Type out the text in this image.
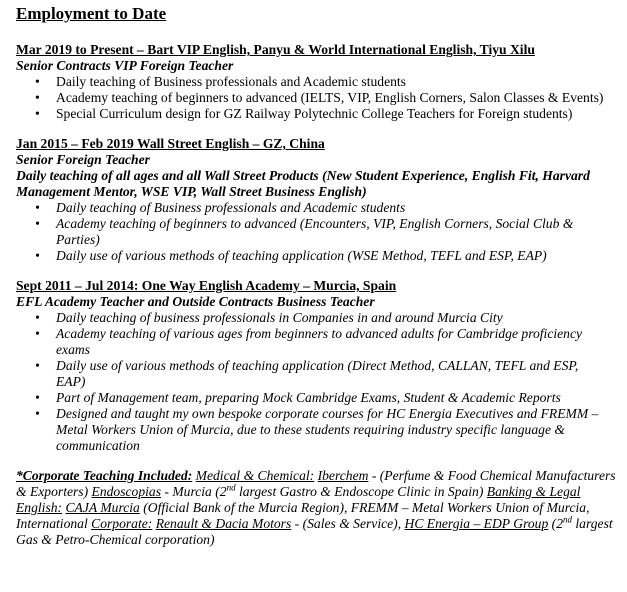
Employment to Date
Mar 2019 to Present – Bart VIP English, Panyu & World International English, Tiyu Xilu
Senior Contracts VIP Foreign Teacher
• Daily teaching of Business professionals and Academic students
• Academy teaching of beginners to advanced (IELTS, VIP, English Corners, Salon Classes & Events)
• Special Curriculum design for GZ Railway Polytechnic College Teachers for Foreign students)
Jan 2015 – Feb 2019 Wall Street English – GZ, China
Senior Foreign Teacher
Daily teaching of all ages and all Wall Street Products (New Student Experience, English Fit, Harvard Management Mentor, WSE VIP, Wall Street Business English)
• Daily teaching of Business professionals and Academic students
• Academy teaching of beginners to advanced (Encounters, VIP, English Corners, Social Club & Parties)
• Daily use of various methods of teaching application (WSE Method, TEFL and ESP, EAP)
Sept 2011 – Jul 2014: One Way English Academy – Murcia, Spain
EFL Academy Teacher and Outside Contracts Business Teacher
• Daily teaching of business professionals in Companies in and around Murcia City
• Academy teaching of various ages from beginners to advanced adults for Cambridge proficiency exams
• Daily use of various methods of teaching application (Direct Method, CALLAN, TEFL and ESP, EAP)
• Part of Management team, preparing Mock Cambridge Exams, Student & Academic Reports
• Designed and taught my own bespoke corporate courses for HC Energia Executives and FREMM – Metal Workers Union of Murcia, due to these students requiring industry specific language & communication
*Corporate Teaching Included: Medical & Chemical: Iberchem - (Perfume & Food Chemical Manufacturers & Exporters) Endoscopias - Murcia (2nd largest Gastro & Endoscope Clinic in Spain) Banking & Legal English: CAJA Murcia (Official Bank of the Murcia Region), FREMM – Metal Workers Union of Murcia, International Corporate: Renault & Dacia Motors - (Sales & Service), HC Energia – EDP Group (2nd largest Gas & Petro-Chemical corporation)
